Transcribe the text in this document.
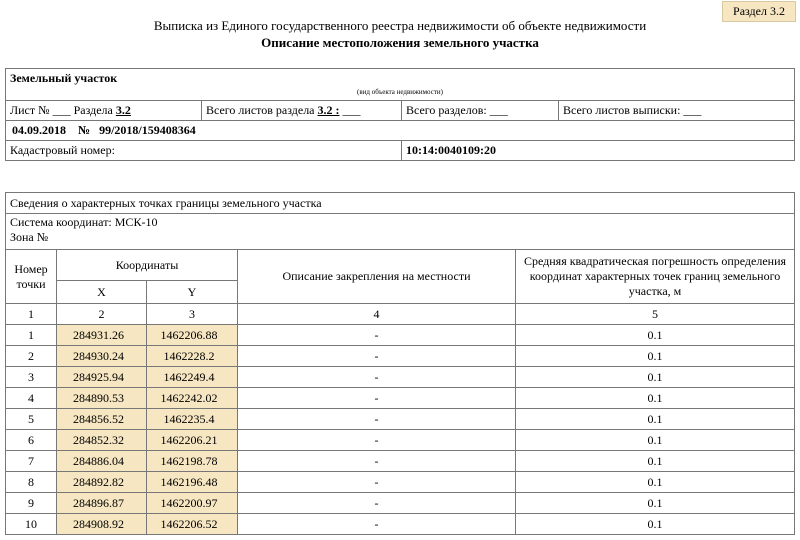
Раздел 3.2
Выписка из Единого государственного реестра недвижимости об объекте недвижимости
Описание местоположения земельного участка
Земельный участок			
(вид объекта недвижимости)			
Лист № ___ Раздела 3.2	Всего листов раздела 3.2 : ___	Всего разделов: ___	Всего листов выписки: ___
04.09.2018 № 99/2018/159408364			
Кадастровый номер:		10:14:0040109:20	
Сведения о характерных точках границы земельного участка				

Система координат: МСК-10
Зона №				

Номер точки	Координаты		Описание закрепления на местности	Средняя квадратическая погрешность определения координат характерных точек границ земельного участка, м
	X	Y		
1	2	3	4	5
1	284931.26	1462206.88	-	0.1
2	284930.24	1462228.2	-	0.1
3	284925.94	1462249.4	-	0.1
4	284890.53	1462242.02	-	0.1
5	284856.52	1462235.4	-	0.1
6	284852.32	1462206.21	-	0.1
7	284886.04	1462198.78	-	0.1
8	284892.82	1462196.48	-	0.1
9	284896.87	1462200.97	-	0.1
10	284908.92	1462206.52	-	0.1
